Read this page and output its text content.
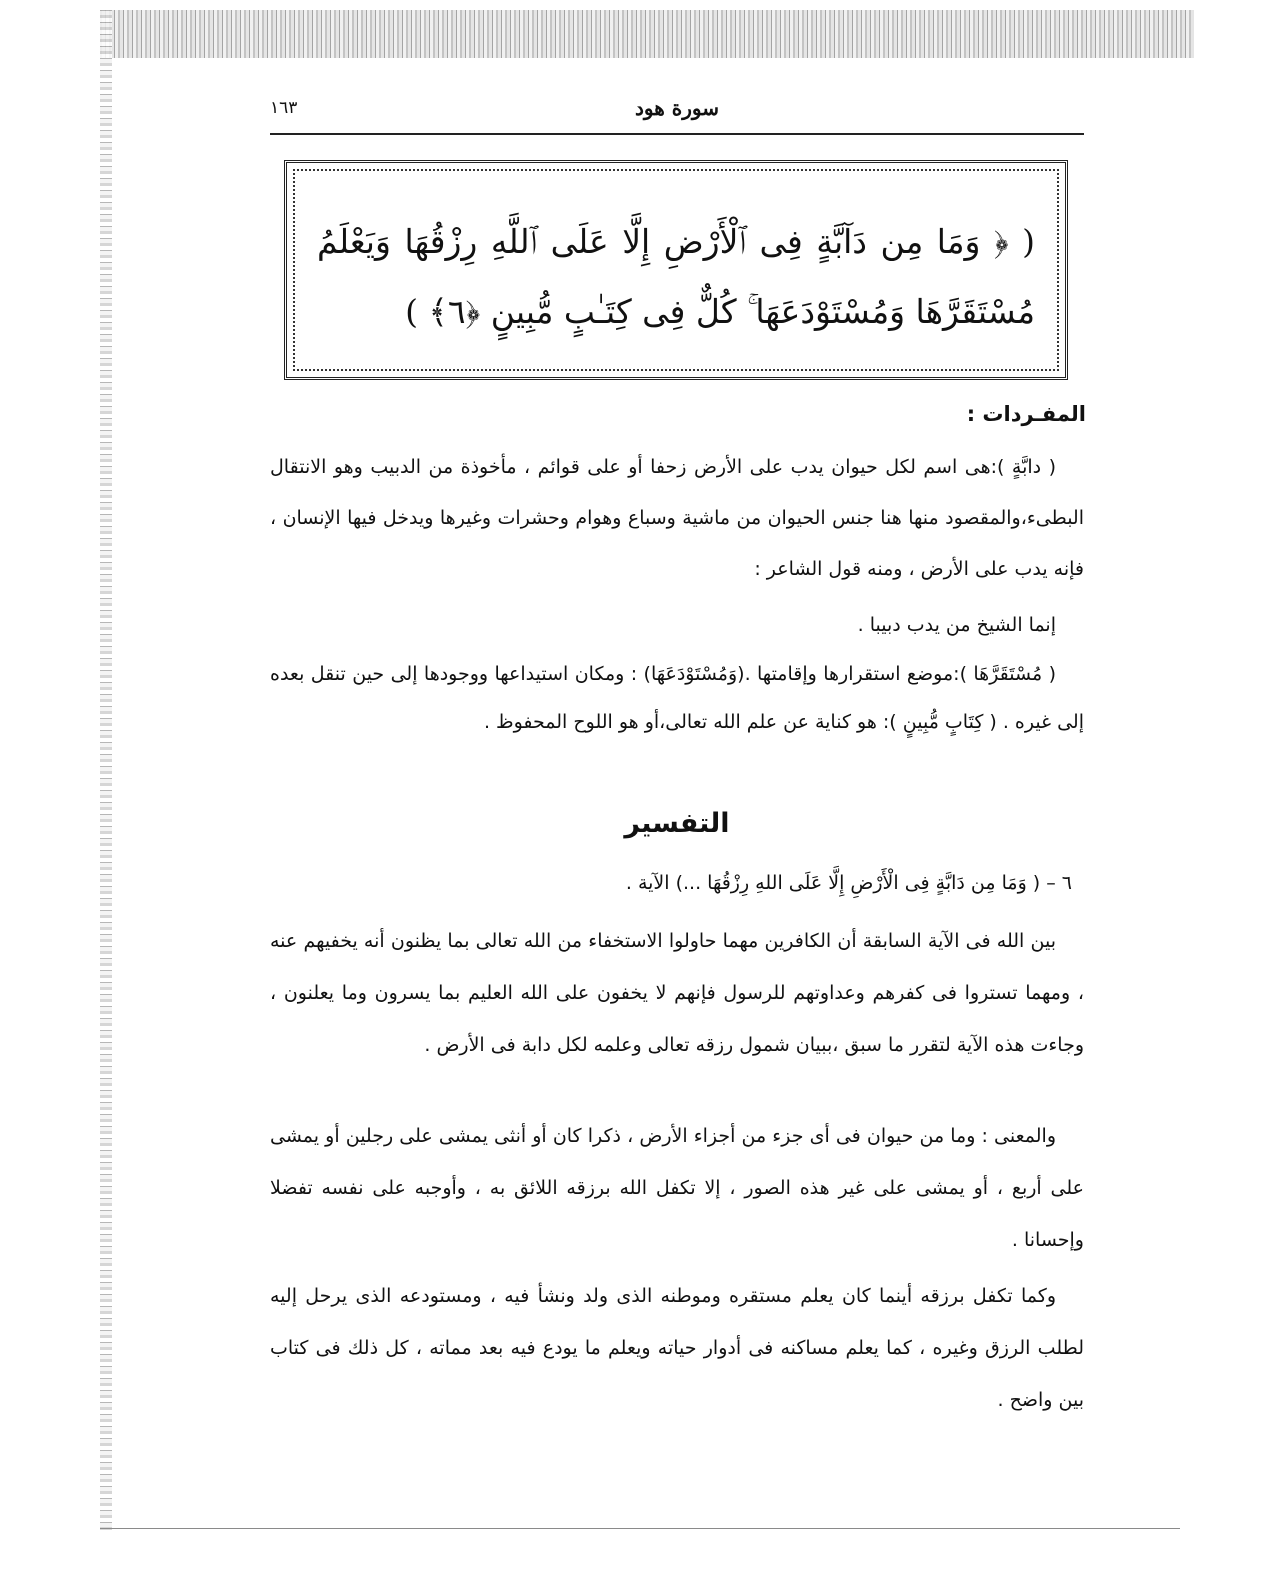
١٦٣	سورة هود
( ﴿ وَمَا مِن دَآبَّةٍ فِى ٱلْأَرْضِ إِلَّا عَلَى ٱللَّهِ رِزْقُهَا وَيَعْلَمُ مُسْتَقَرَّهَا وَمُسْتَوْدَعَهَا ۚ كُلٌّ فِى كِتَـٰبٍ مُّبِينٍ ﴿٦﴾ )
المفـردات :

( دابَّةٍ ):هى اسم لكل حيوان يدب على الأرض زحفا أو على قوائم ، مأخوذة من الدبيب وهو الانتقال البطىء،والمقصود منها هنا جنس الحيوان من ماشية وسباع وهوام وحشرات وغيرها ويدخل فيها الإنسان ، فإنه يدب على الأرض ، ومنه قول الشاعر :

إنما الشيخ من يدب دبيبا .

( مُسْتَقَرَّهَا ):موضع استقرارها وإقامتها .(وَمُسْتَوْدَعَهَا) : ومكان استيداعها ووجودها إلى حين تنقل بعده إلى غيره . ( كِتَابٍ مُّبِينٍ ): هو كناية عن علم الله تعالى،أو هو اللوح المحفوظ .

التفسير

٦ – ( وَمَا مِن دَابَّةٍ فِى الْأَرْضِ إِلَّا عَلَى اللهِ رِزْقُهَا ...) الآية .

بين الله فى الآية السابقة أن الكافرين مهما حاولوا الاستخفاء من الله تعالى بما يظنون أنه يخفيهم عنه ، ومهما تستروا فى كفرهم وعداوتهم للرسول فإنهم لا يخفون على الله العليم بما يسرون وما يعلنون ، وجاءت هذه الآية لتقرر ما سبق ،ببيان شمول رزقه تعالى وعلمه لكل دابة فى الأرض .

والمعنى : وما من حيوان فى أى جزء من أجزاء الأرض ، ذكرا كان أو أنثى يمشى على رجلين أو يمشى على أربع ، أو يمشى على غير هذه الصور ، إلا تكفل الله برزقه اللائق به ، وأوجبه على نفسه تفضلا وإحسانا .

وكما تكفل برزقه أينما كان يعلم مستقره وموطنه الذى ولد ونشأ فيه ، ومستودعه الذى يرحل إليه لطلب الرزق وغيره ، كما يعلم مساكنه فى أدوار حياته ويعلم ما يودع فيه بعد مماته ، كل ذلك فى كتاب بين واضح .
